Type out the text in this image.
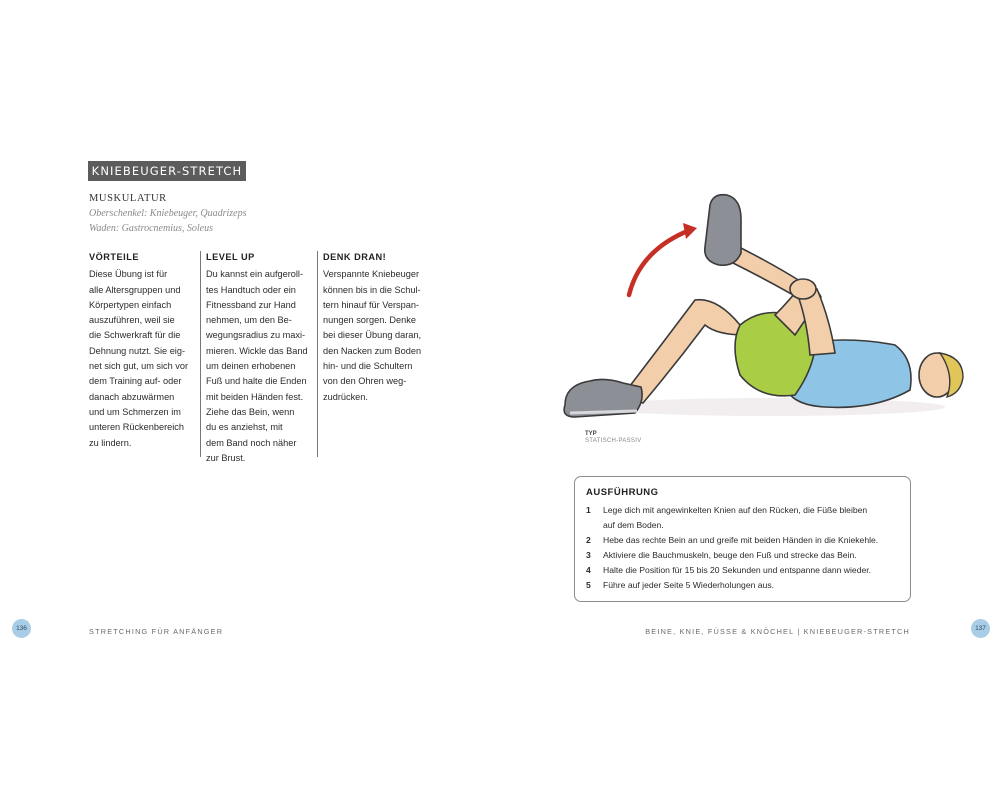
KNIEBEUGER-STRETCH
MUSKULATUR
Oberschenkel: Kniebeuger, Quadrizeps
Waden: Gastrocnemius, Soleus
VÖRTEILE

Diese Übung ist für
alle Altersgruppen und
Körpertypen einfach
auszuführen, weil sie
die Schwerkraft für die
Dehnung nutzt. Sie eig-
net sich gut, um sich vor
dem Training auf- oder
danach abzuwärmen
und um Schmerzen im
unteren Rückenbereich
zu lindern.

LEVEL UP

Du kannst ein aufgeroll-
tes Handtuch oder ein
Fitnessband zur Hand
nehmen, um den Be-
wegungsradius zu maxi-
mieren. Wickle das Band
um deinen erhobenen
Fuß und halte die Enden
mit beiden Händen fest.
Ziehe das Bein, wenn
du es anziehst, mit
dem Band noch näher
zur Brust.

DENK DRAN!

Verspannte Kniebeuger
können bis in die Schul-
tern hinauf für Verspan-
nungen sorgen. Denke
bei dieser Übung daran,
den Nacken zum Boden
hin- und die Schultern
von den Ohren weg-
zudrücken.

136	STRETCHING FÜR ANFÄNGER
TYP
STATISCH-PASSIV
AUSFÜHRUNG
1 Lege dich mit angewinkelten Knien auf den Rücken, die Füße bleiben
auf dem Boden.
2 Hebe das rechte Bein an und greife mit beiden Händen in die Kniekehle.
3 Aktiviere die Bauchmuskeln, beuge den Fuß und strecke das Bein.
4 Halte die Position für 15 bis 20 Sekunden und entspanne dann wieder.
5 Führe auf jeder Seite 5 Wiederholungen aus.
BEINE, KNIE, FÜSSE & KNÖCHEL | KNIEBEUGER-STRETCH	137
